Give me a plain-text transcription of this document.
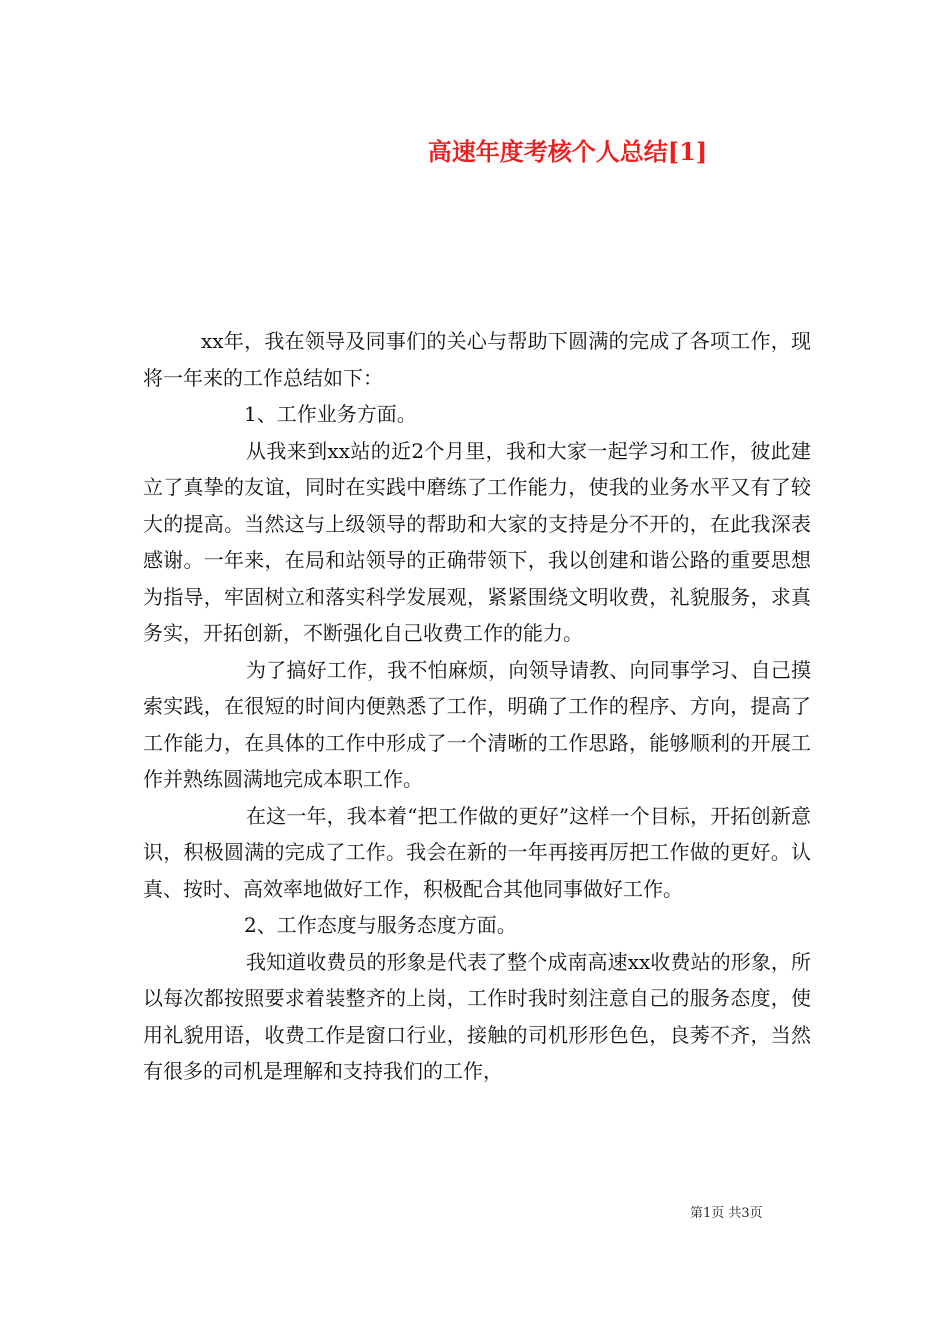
高速年度考核个人总结[1]

xx年，我在领导及同事们的关心与帮助下圆满的完成了各项工作，现将一年来的工作总结如下：

1、工作业务方面。

从我来到xx站的近2个月里，我和大家一起学习和工作，彼此建立了真挚的友谊，同时在实践中磨练了工作能力，使我的业务水平又有了较大的提高。当然这与上级领导的帮助和大家的支持是分不开的，在此我深表感谢。一年来，在局和站领导的正确带领下，我以创建和谐公路的重要思想为指导，牢固树立和落实科学发展观，紧紧围绕文明收费，礼貌服务，求真务实，开拓创新，不断强化自己收费工作的能力。

为了搞好工作，我不怕麻烦，向领导请教、向同事学习、自己摸索实践，在很短的时间内便熟悉了工作，明确了工作的程序、方向，提高了工作能力，在具体的工作中形成了一个清晰的工作思路，能够顺利的开展工作并熟练圆满地完成本职工作。

在这一年，我本着“把工作做的更好”这样一个目标，开拓创新意识，积极圆满的完成了工作。我会在新的一年再接再厉把工作做的更好。认真、按时、高效率地做好工作，积极配合其他同事做好工作。

2、工作态度与服务态度方面。

我知道收费员的形象是代表了整个成南高速xx收费站的形象，所以每次都按照要求着装整齐的上岗，工作时我时刻注意自己的服务态度，使用礼貌用语，收费工作是窗口行业，接触的司机形形色色，良莠不齐，当然有很多的司机是理解和支持我们的工作，

第1页 共3页
